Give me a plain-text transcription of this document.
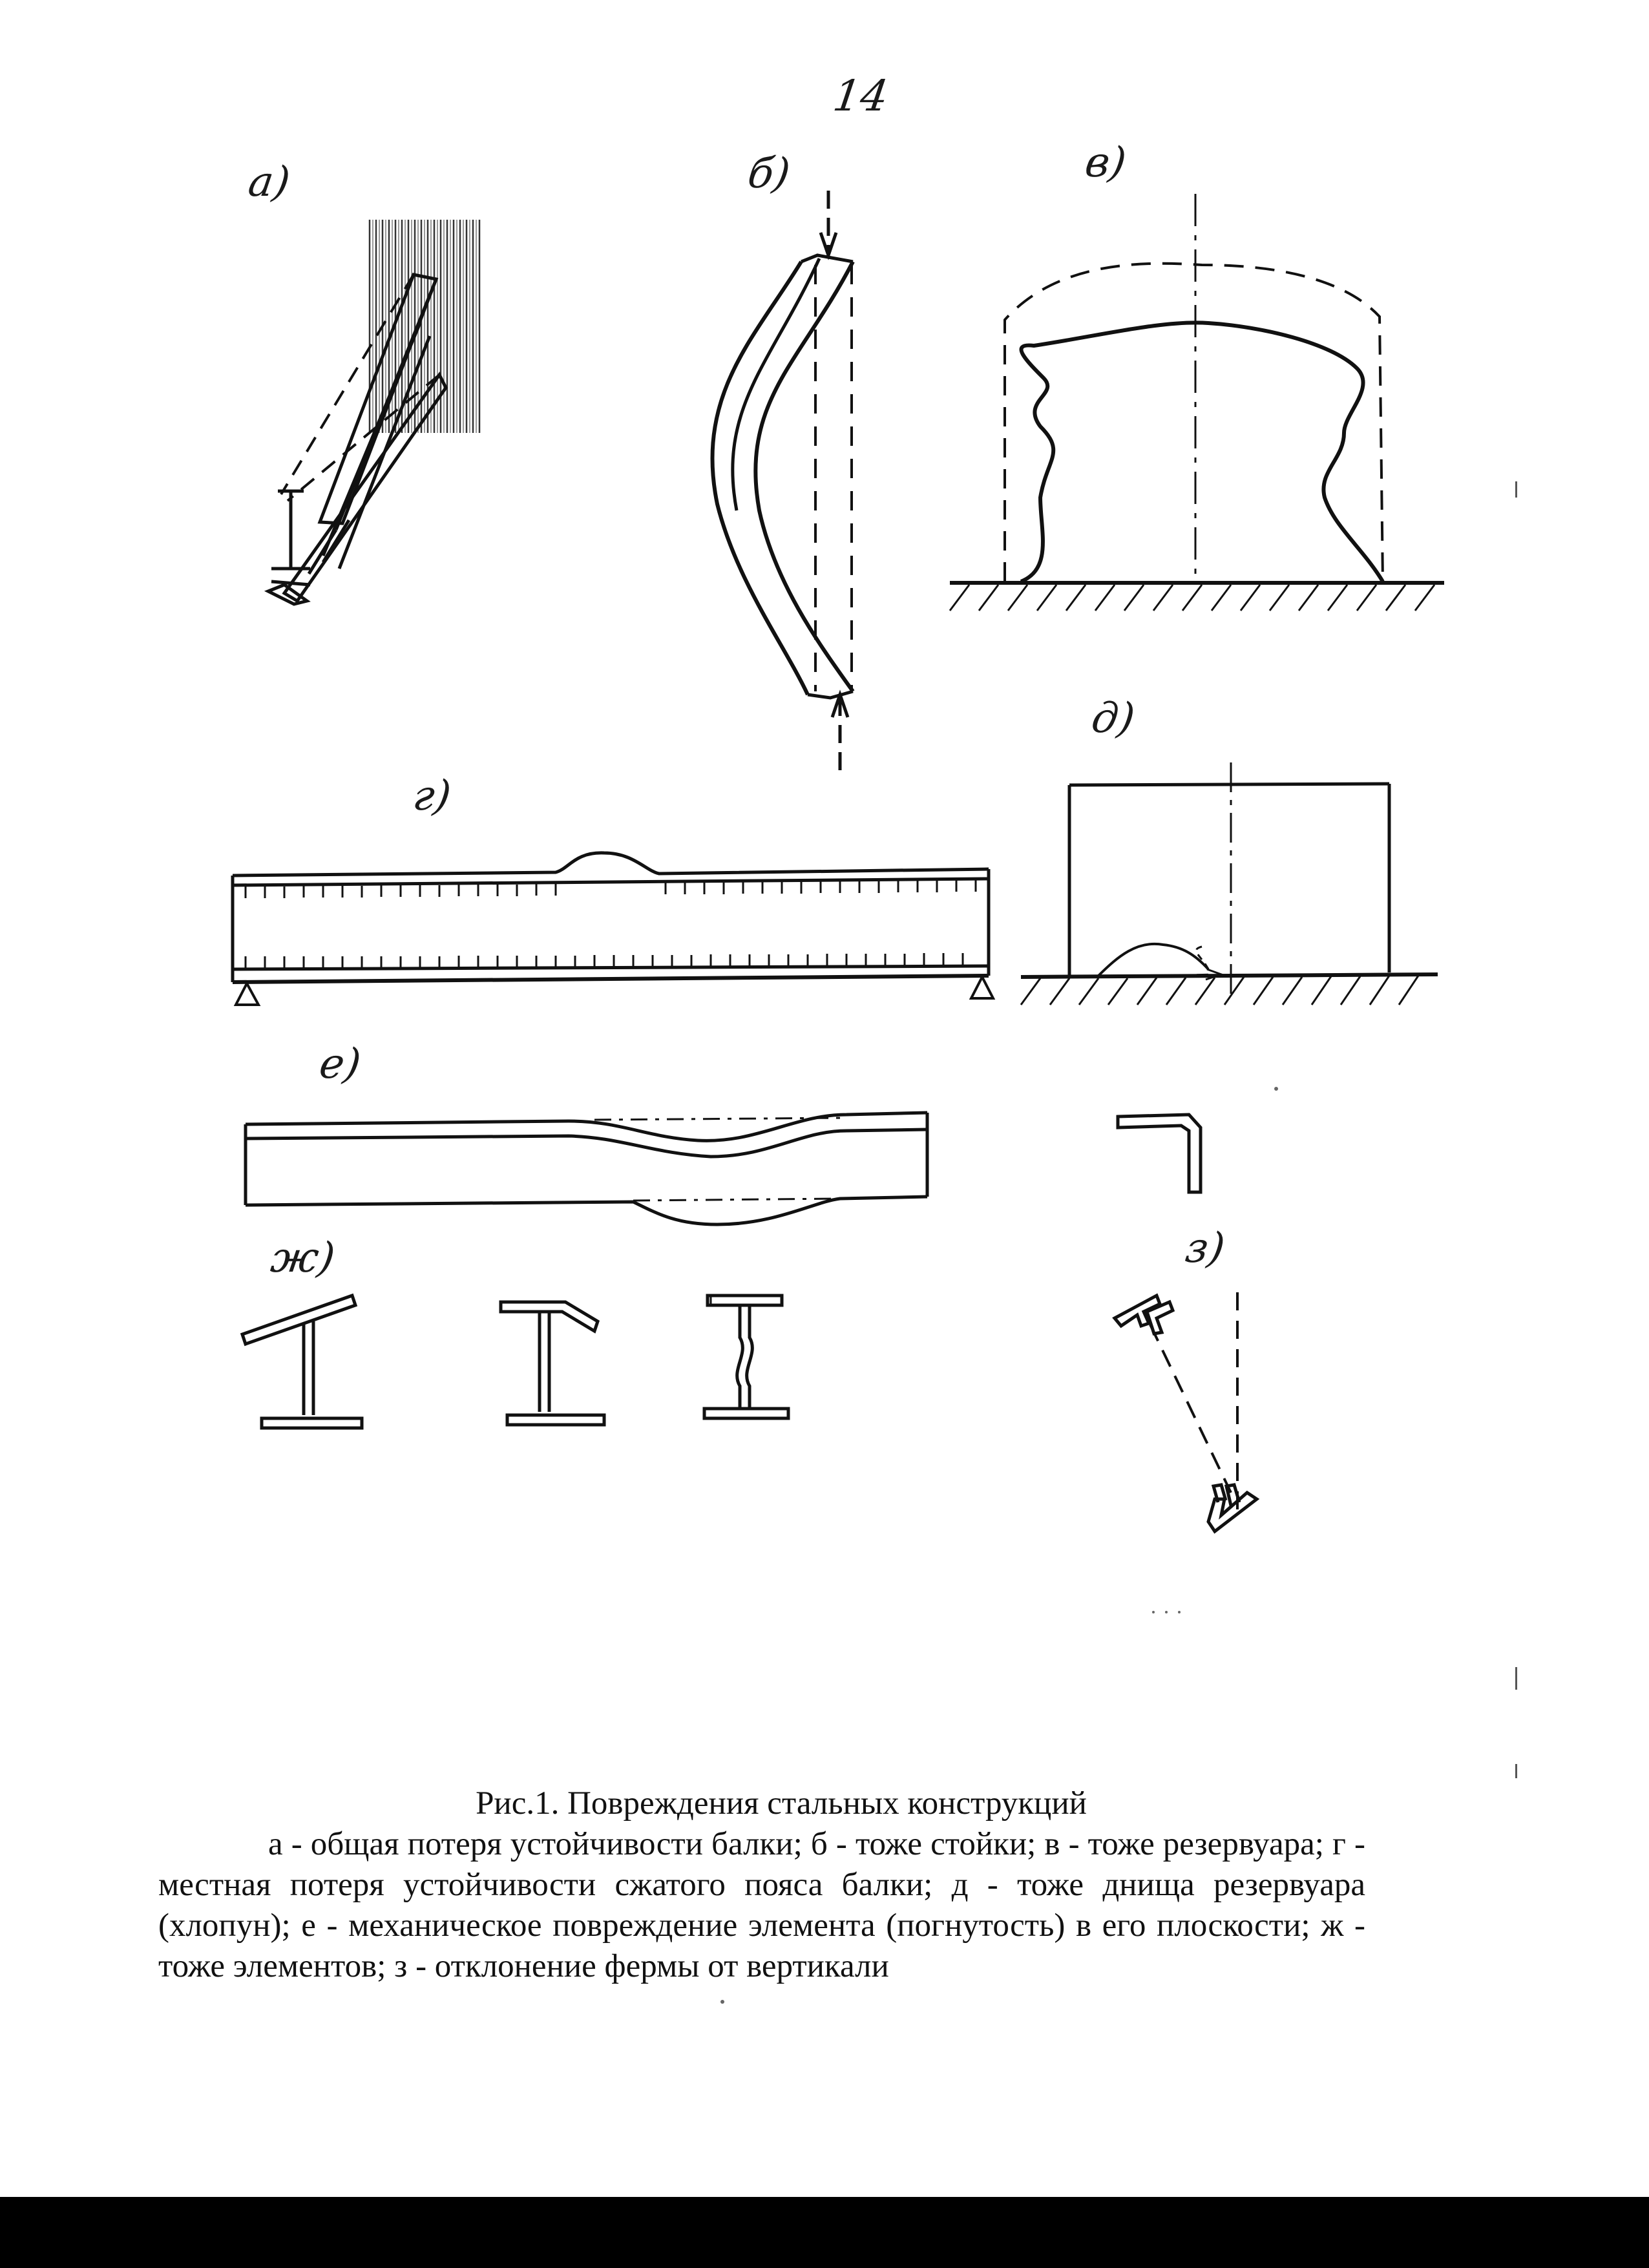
14
а)	б)	в)
г)
д)
е)
ж)	з)
Рис.1. Повреждения стальных конструкций
а - общая потеря устойчивости балки; б - тоже стойки; в - тоже резервуара; г - местная потеря устойчивости сжатого пояса балки; д - тоже днища резервуара (хлопун); е - механическое повреждение элемента (погнутость) в его плоскости; ж - тоже элементов; з - отклонение фермы от вертикали
